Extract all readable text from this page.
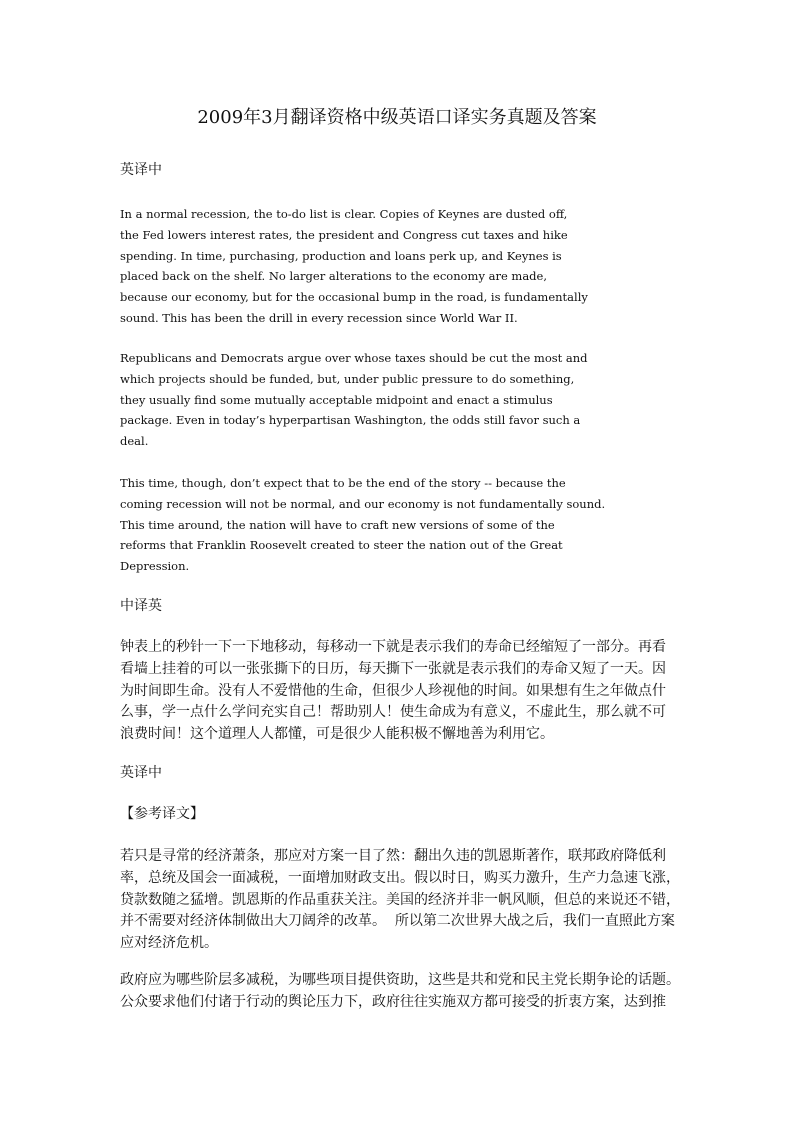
2009年3月翻译资格中级英语口译实务真题及答案
英译中
In a normal recession, the to-do list is clear. Copies of Keynes are dusted off,
the Fed lowers interest rates, the president and Congress cut taxes and hike
spending. In time, purchasing, production and loans perk up, and Keynes is
placed back on the shelf. No larger alterations to the economy are made,
because our economy, but for the occasional bump in the road, is fundamentally
sound. This has been the drill in every recession since World War II.
Republicans and Democrats argue over whose taxes should be cut the most and
which projects should be funded, but, under public pressure to do something,
they usually find some mutually acceptable midpoint and enact a stimulus
package. Even in today’s hyperpartisan Washington, the odds still favor such a
deal.
This time, though, don’t expect that to be the end of the story -- because the
coming recession will not be normal, and our economy is not fundamentally sound.
This time around, the nation will have to craft new versions of some of the
reforms that Franklin Roosevelt created to steer the nation out of the Great
Depression.
中译英
钟表上的秒针一下一下地移动，每移动一下就是表示我们的寿命已经缩短了一部分。再看
看墙上挂着的可以一张张撕下的日历，每天撕下一张就是表示我们的寿命又短了一天。因
为时间即生命。没有人不爱惜他的生命，但很少人珍视他的时间。如果想有生之年做点什
么事，学一点什么学问充实自己！帮助别人！使生命成为有意义，不虚此生，那么就不可
浪费时间！这个道理人人都懂，可是很少人能积极不懈地善为利用它。
英译中
【参考译文】
若只是寻常的经济萧条，那应对方案一目了然：翻出久违的凯恩斯著作，联邦政府降低利
率，总统及国会一面减税，一面增加财政支出。假以时日，购买力激升，生产力急速飞涨，
贷款数随之猛增。凯恩斯的作品重获关注。美国的经济并非一帆风顺，但总的来说还不错，
并不需要对经济体制做出大刀阔斧的改革。  所以第二次世界大战之后，我们一直照此方案
应对经济危机。
政府应为哪些阶层多减税，为哪些项目提供资助，这些是共和党和民主党长期争论的话题。
公众要求他们付诸于行动的舆论压力下，政府往往实施双方都可接受的折衷方案，达到推
